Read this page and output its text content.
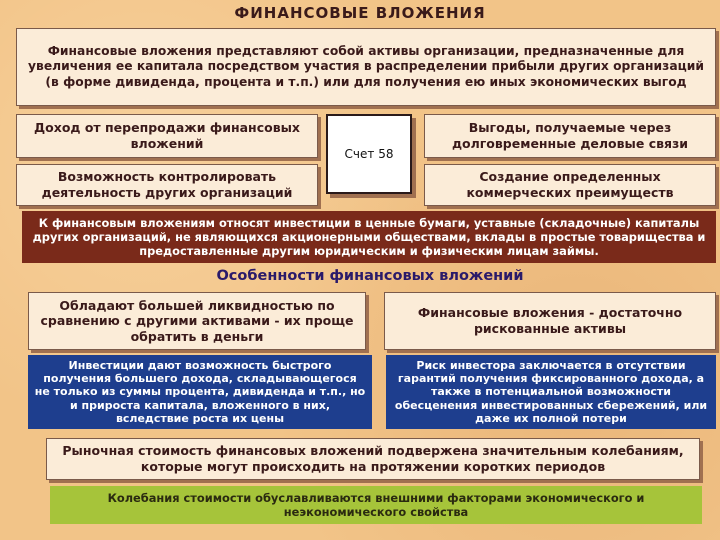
ФИНАНСОВЫЕ ВЛОЖЕНИЯ
Финансовые вложения представляют собой активы организации, предназначенные для увеличения ее капитала посредством участия в распределении прибыли других организаций (в форме дивиденда, процента и т.п.) или для получения ею иных экономических выгод
Доход от перепродажи финансовых вложений
Возможность контролировать деятельность других организаций
Счет 58
Выгоды, получаемые через долговременные деловые связи
Создание определенных коммерческих преимуществ
К финансовым вложениям относят инвестиции в ценные бумаги, уставные (складочные) капиталы других организаций, не являющихся акционерными обществами, вклады в простые товарищества и предоставленные другим юридическим и физическим лицам займы.
Особенности финансовых вложений
Обладают большей ликвидностью по сравнению с другими активами - их проще обратить в деньги
Финансовые вложения - достаточно рискованные активы
Инвестиции дают возможность быстрого получения большего дохода, складывающегося не только из суммы процента, дивиденда и т.п., но и прироста капитала, вложенного в них, вследствие роста их цены
Риск инвестора заключается в отсутствии гарантий получения фиксированного дохода, а также в потенциальной возможности обесценения инвестированных сбережений, или даже их полной потери
Рыночная стоимость финансовых вложений подвержена значительным колебаниям, которые могут происходить на протяжении коротких периодов
Колебания стоимости обуславливаются внешними факторами экономического и неэкономического свойства
